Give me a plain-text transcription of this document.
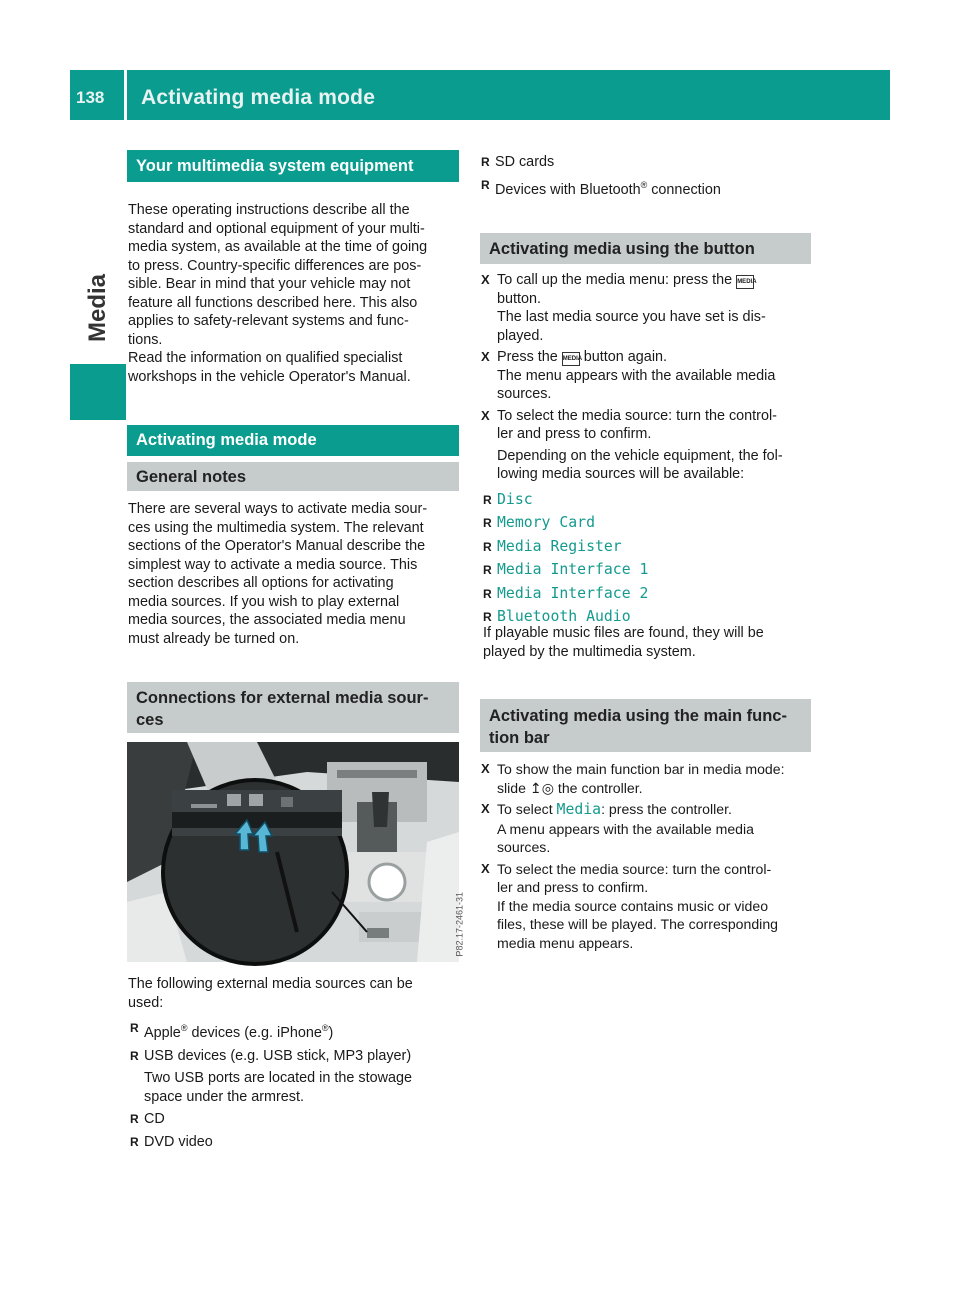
138 Activating media mode
Media
Your multimedia system equipment

These operating instructions describe all the

standard and optional equipment of your multi-

media system, as available at the time of going

to press. Country-specific differences are pos-

sible. Bear in mind that your vehicle may not

feature all functions described here. This also

applies to safety-relevant systems and func-

tions.

Read the information on qualified specialist

workshops in the vehicle Operator's Manual.

Activating media mode
General notes

There are several ways to activate media sour-

ces using the multimedia system. The relevant

sections of the Operator's Manual describe the

simplest way to activate a media source. This

section describes all options for activating

media sources. If you wish to play external

media sources, the associated media menu

must already be turned on.

Connections for external media sour-
ces
P82.17-2461-31

The following external media sources can be

used:

R Apple® devices (e.g. iPhone®)
R USB devices (e.g. USB stick, MP3 player)
Two USB ports are located in the stowage
space under the armrest.
R CD
R DVD video
R SD cards
R Devices with Bluetooth® connection
Activating media using the button

X To call up the media menu: press the MEDIA

button.

The last media source you have set is dis-

played.

X Press the MEDIA button again.

The menu appears with the available media

sources.

X To select the media source: turn the control-

ler and press to confirm.

Depending on the vehicle equipment, the fol-

lowing media sources will be available:

R Disc
R Memory Card
R Media Register
R Media Interface 1
R Media Interface 2
R Bluetooth Audio

If playable music files are found, they will be

played by the multimedia system.

Activating media using the main func-
tion bar

X To show the main function bar in media mode:

slide ↥◎ the controller.

X To select Media: press the controller.

A menu appears with the available media

sources.

X To select the media source: turn the control-

ler and press to confirm.

If the media source contains music or video

files, these will be played. The corresponding

media menu appears.
